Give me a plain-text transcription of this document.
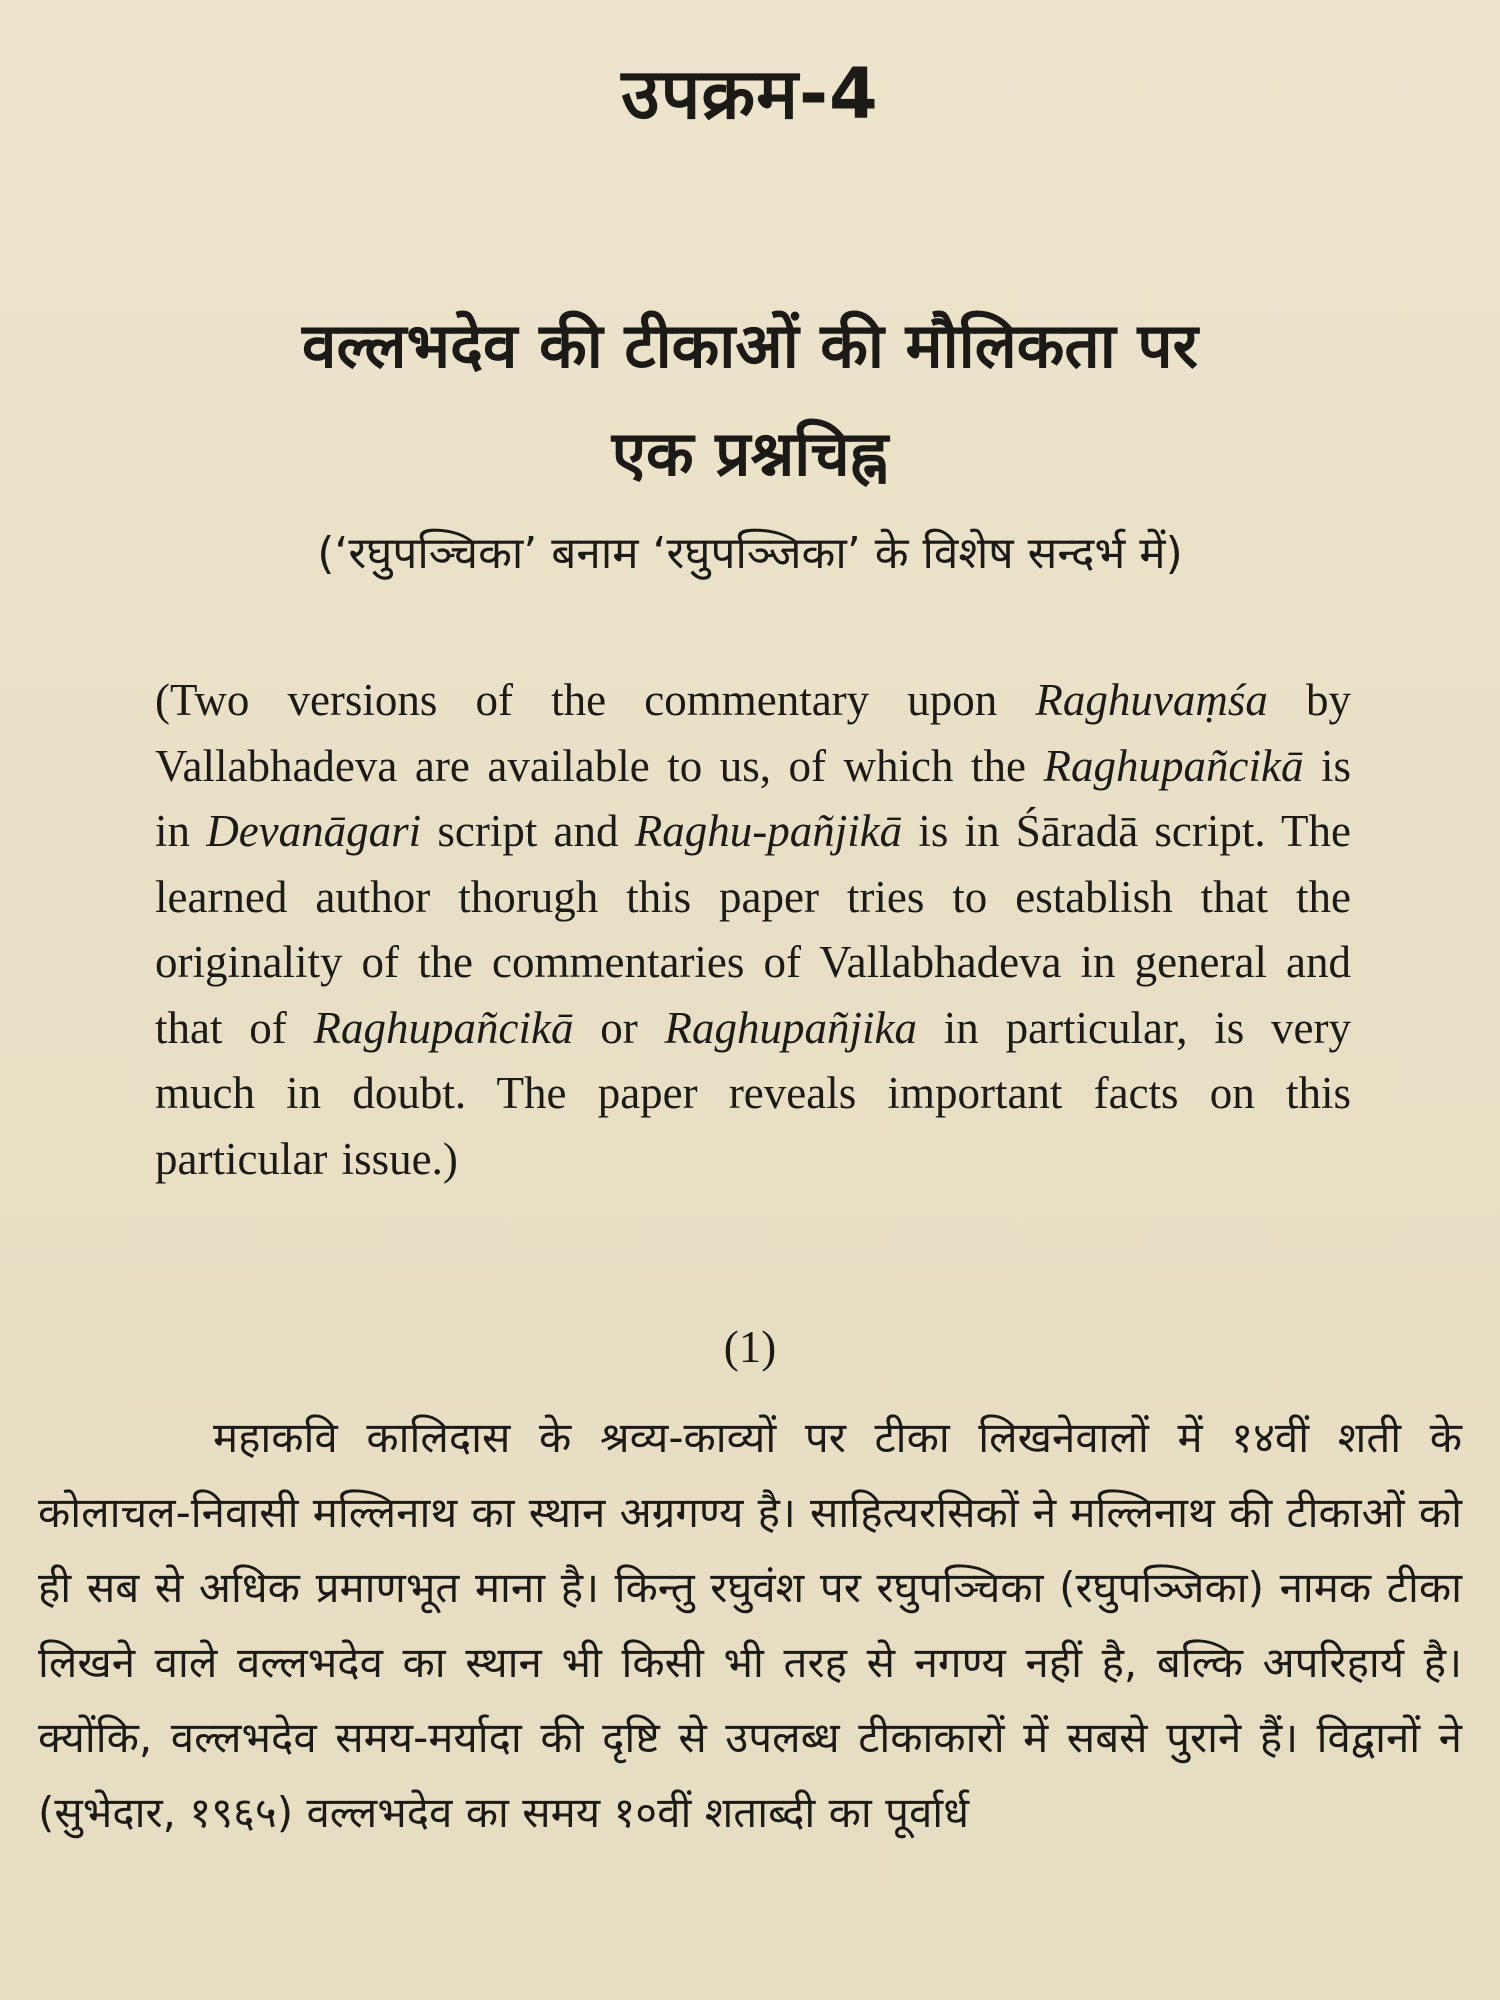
उपक्रम-4
वल्लभदेव की टीकाओं की मौलिकता पर
एक प्रश्नचिह्न
(‘रघुपञ्चिका’ बनाम ‘रघुपञ्जिका’ के विशेष सन्दर्भ में)

(Two versions of the commentary upon Raghuvaṃśa by Vallabhadeva are available to us, of which the Raghupañcikā is in Devanāgari script and Raghu-pañjikā is in Śāradā script. The learned author thorugh this paper tries to establish that the originality of the commentaries of Vallabhadeva in general and that of Raghupañcikā or Raghupañjika in particular, is very much in doubt. The paper reveals important facts on this particular issue.)

(1)

महाकवि कालिदास के श्रव्य-काव्यों पर टीका लिखनेवालों में १४वीं शती के कोलाचल-निवासी मल्लिनाथ का स्थान अग्रगण्य है। साहित्यरसिकों ने मल्लिनाथ की टीकाओं को ही सब से अधिक प्रमाणभूत माना है। किन्तु रघुवंश पर रघुपञ्चिका (रघुपञ्जिका) नामक टीका लिखने वाले वल्लभदेव का स्थान भी किसी भी तरह से नगण्य नहीं है, बल्कि अपरिहार्य है। क्योंकि, वल्लभदेव समय-मर्यादा की दृष्टि से उपलब्ध टीकाकारों में सबसे पुराने हैं। विद्वानों ने (सुभेदार, १९६५) वल्लभदेव का समय १०वीं शताब्दी का पूर्वार्ध
